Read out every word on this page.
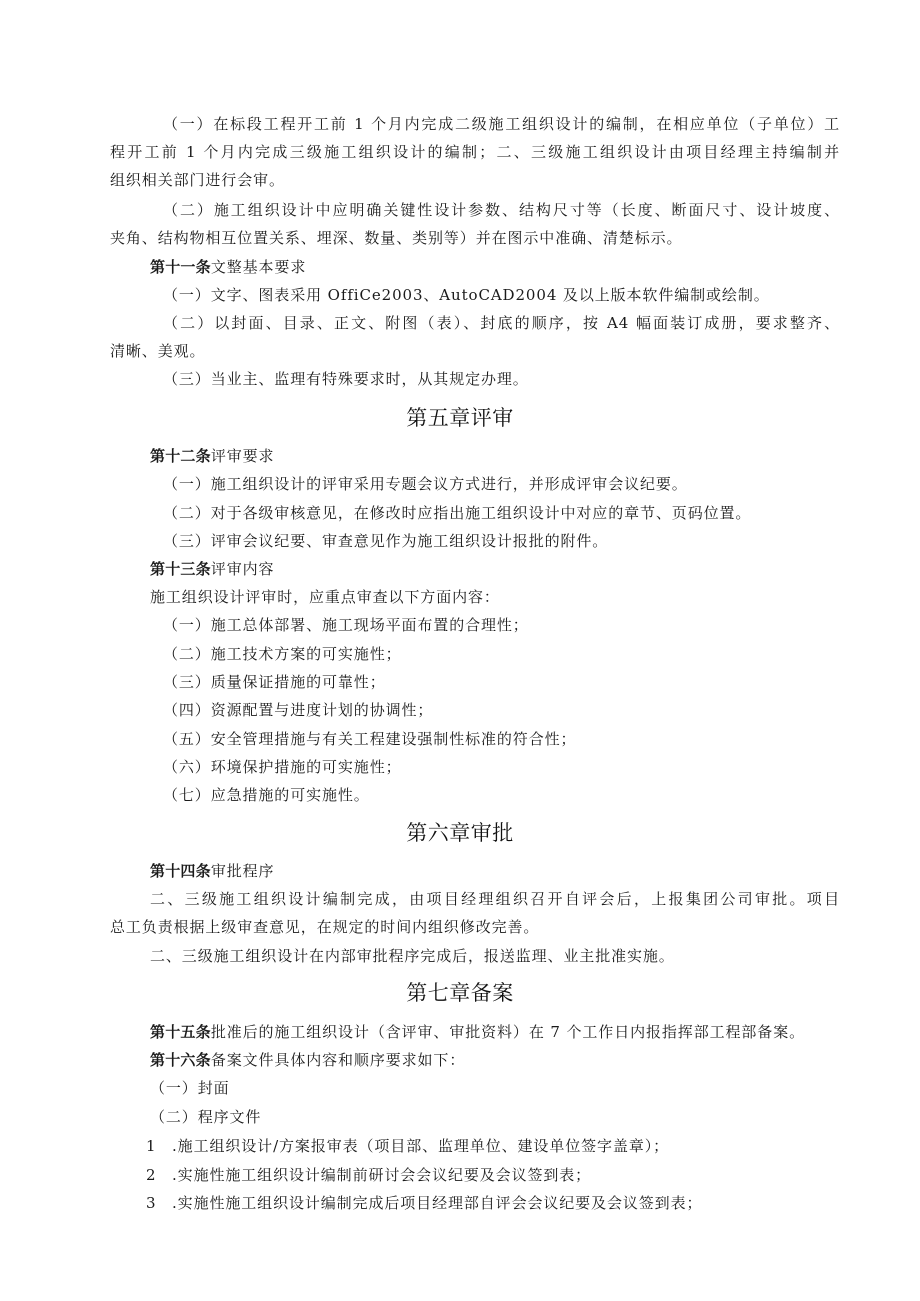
（一）在标段工程开工前 1 个月内完成二级施工组织设计的编制，在相应单位（子单位）工
程开工前 1 个月内完成三级施工组织设计的编制；二、三级施工组织设计由项目经理主持编制并
组织相关部门进行会审。
（二）施工组织设计中应明确关键性设计参数、结构尺寸等（长度、断面尺寸、设计坡度、
夹角、结构物相互位置关系、埋深、数量、类别等）并在图示中准确、清楚标示。
第十一条文整基本要求
（一）文字、图表采用 OffiCe2003、AutoCAD2004 及以上版本软件编制或绘制。
（二）以封面、目录、正文、附图（表）、封底的顺序，按 A4 幅面装订成册，要求整齐、
清晰、美观。
（三）当业主、监理有特殊要求时，从其规定办理。
第五章评审
第十二条评审要求
（一）施工组织设计的评审采用专题会议方式进行，并形成评审会议纪要。
（二）对于各级审核意见，在修改时应指出施工组织设计中对应的章节、页码位置。
（三）评审会议纪要、审查意见作为施工组织设计报批的附件。
第十三条评审内容
施工组织设计评审时，应重点审查以下方面内容：
（一）施工总体部署、施工现场平面布置的合理性；
（二）施工技术方案的可实施性；
（三）质量保证措施的可靠性；
（四）资源配置与进度计划的协调性；
（五）安全管理措施与有关工程建设强制性标准的符合性；
（六）环境保护措施的可实施性；
（七）应急措施的可实施性。
第六章审批
第十四条审批程序
二、三级施工组织设计编制完成，由项目经理组织召开自评会后，上报集团公司审批。项目
总工负责根据上级审查意见，在规定的时间内组织修改完善。
二、三级施工组织设计在内部审批程序完成后，报送监理、业主批准实施。
第七章备案
第十五条批准后的施工组织设计（含评审、审批资料）在 7 个工作日内报指挥部工程部备案。
第十六条备案文件具体内容和顺序要求如下：
（一）封面
（二）程序文件
1 .施工组织设计/方案报审表（项目部、监理单位、建设单位签字盖章）；
2 .实施性施工组织设计编制前研讨会会议纪要及会议签到表；
3 .实施性施工组织设计编制完成后项目经理部自评会会议纪要及会议签到表；
